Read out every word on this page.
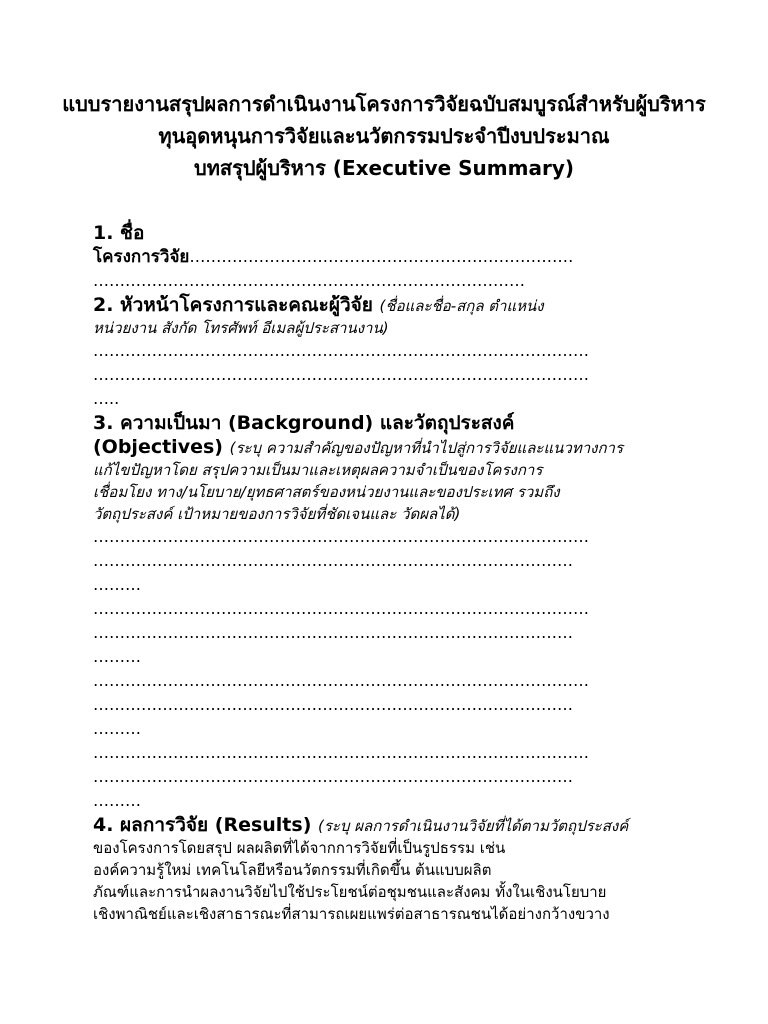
แบบรายงานสรุปผลการดำเนินงานโครงการวิจัยฉบับสมบูรณ์สำหรับผู้บริหาร
ทุนอุดหนุนการวิจัยและนวัตกรรมประจำปีงบประมาณ
บทสรุปผู้บริหาร (Executive Summary)
1. ชื่อ
โครงการวิจัย………………………………………………………………
………………………………………………………………………
2. หัวหน้าโครงการและคณะผู้วิจัย (ชื่อและชื่อ-สกุล ตำแหน่ง
หน่วยงาน สังกัด โทรศัพท์ อีเมลผู้ประสานงาน)
…………………………………………………………………………………
…………………………………………………………………………………
…..
3. ความเป็นมา (Background) และวัตถุประสงค์
(Objectives) (ระบุ ความสำคัญของปัญหาที่นำไปสู่การวิจัยและแนวทางการ
แก้ไขปัญหาโดย สรุปความเป็นมาและเหตุผลความจำเป็นของโครงการ
เชื่อมโยง ทาง/นโยบาย/ยุทธศาสตร์ของหน่วยงานและของประเทศ รวมถึง
วัตถุประสงค์ เป้าหมายของการวิจัยที่ชัดเจนและ วัดผลได้)
…………………………………………………………………………………
………………………………………………………………………………
………
…………………………………………………………………………………
………………………………………………………………………………
………
…………………………………………………………………………………
………………………………………………………………………………
………
…………………………………………………………………………………
………………………………………………………………………………
………
4. ผลการวิจัย (Results) (ระบุ ผลการดำเนินงานวิจัยที่ได้ตามวัตถุประสงค์
ของโครงการโดยสรุป ผลผลิตที่ได้จากการวิจัยที่เป็นรูปธรรม เช่น
องค์ความรู้ใหม่ เทคโนโลยีหรือนวัตกรรมที่เกิดขึ้น ต้นแบบผลิต
ภัณฑ์และการนำผลงานวิจัยไปใช้ประโยชน์ต่อชุมชนและสังคม ทั้งในเชิงนโยบาย
เชิงพาณิชย์และเชิงสาธารณะที่สามารถเผยแพร่ต่อสาธารณชนได้อย่างกว้างขวาง
